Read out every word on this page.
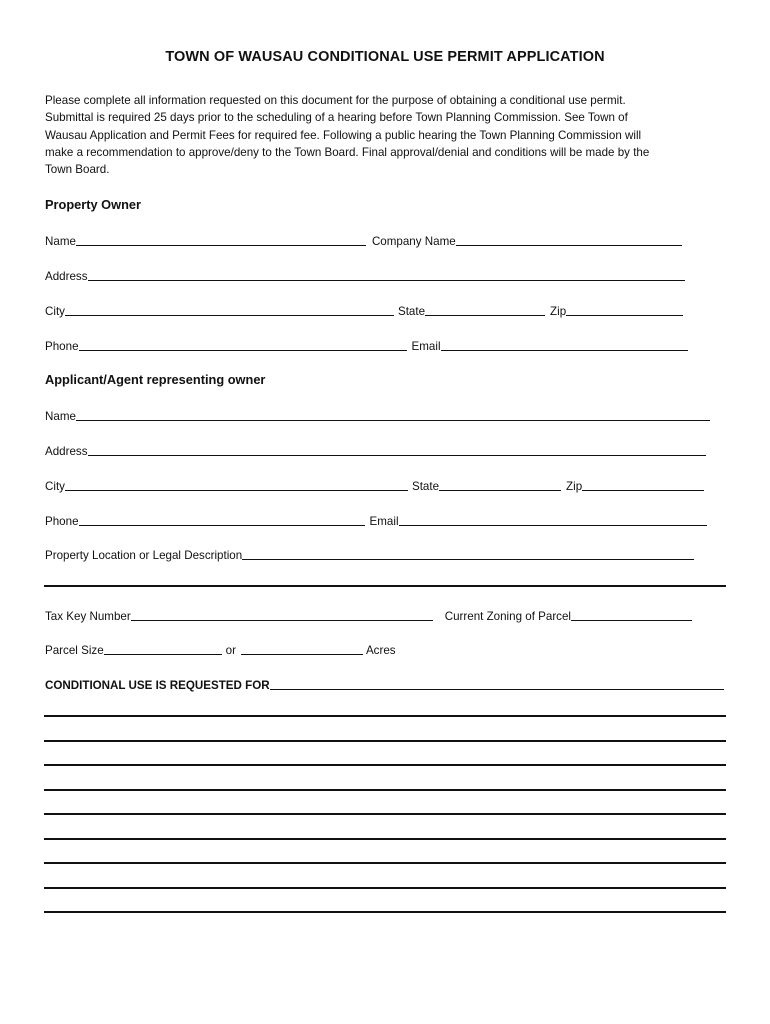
TOWN OF WAUSAU CONDITIONAL USE PERMIT APPLICATION
Please complete all information requested on this document for the purpose of obtaining a conditional use permit.
Submittal is required 25 days prior to the scheduling of a hearing before Town Planning Commission. See Town of
Wausau Application and Permit Fees for required fee. Following a public hearing the Town Planning Commission will
make a recommendation to approve/deny to the Town Board. Final approval/denial and conditions will be made by the
Town Board.
Property Owner
Name	Company Name
Address
City	State	Zip
Phone	Email
Applicant/Agent representing owner
Name
Address
City	State	Zip
Phone	Email
Property Location or Legal Description
Tax Key Number	Current Zoning of Parcel
Parcel Size	or	Acres
CONDITIONAL USE IS REQUESTED FOR
